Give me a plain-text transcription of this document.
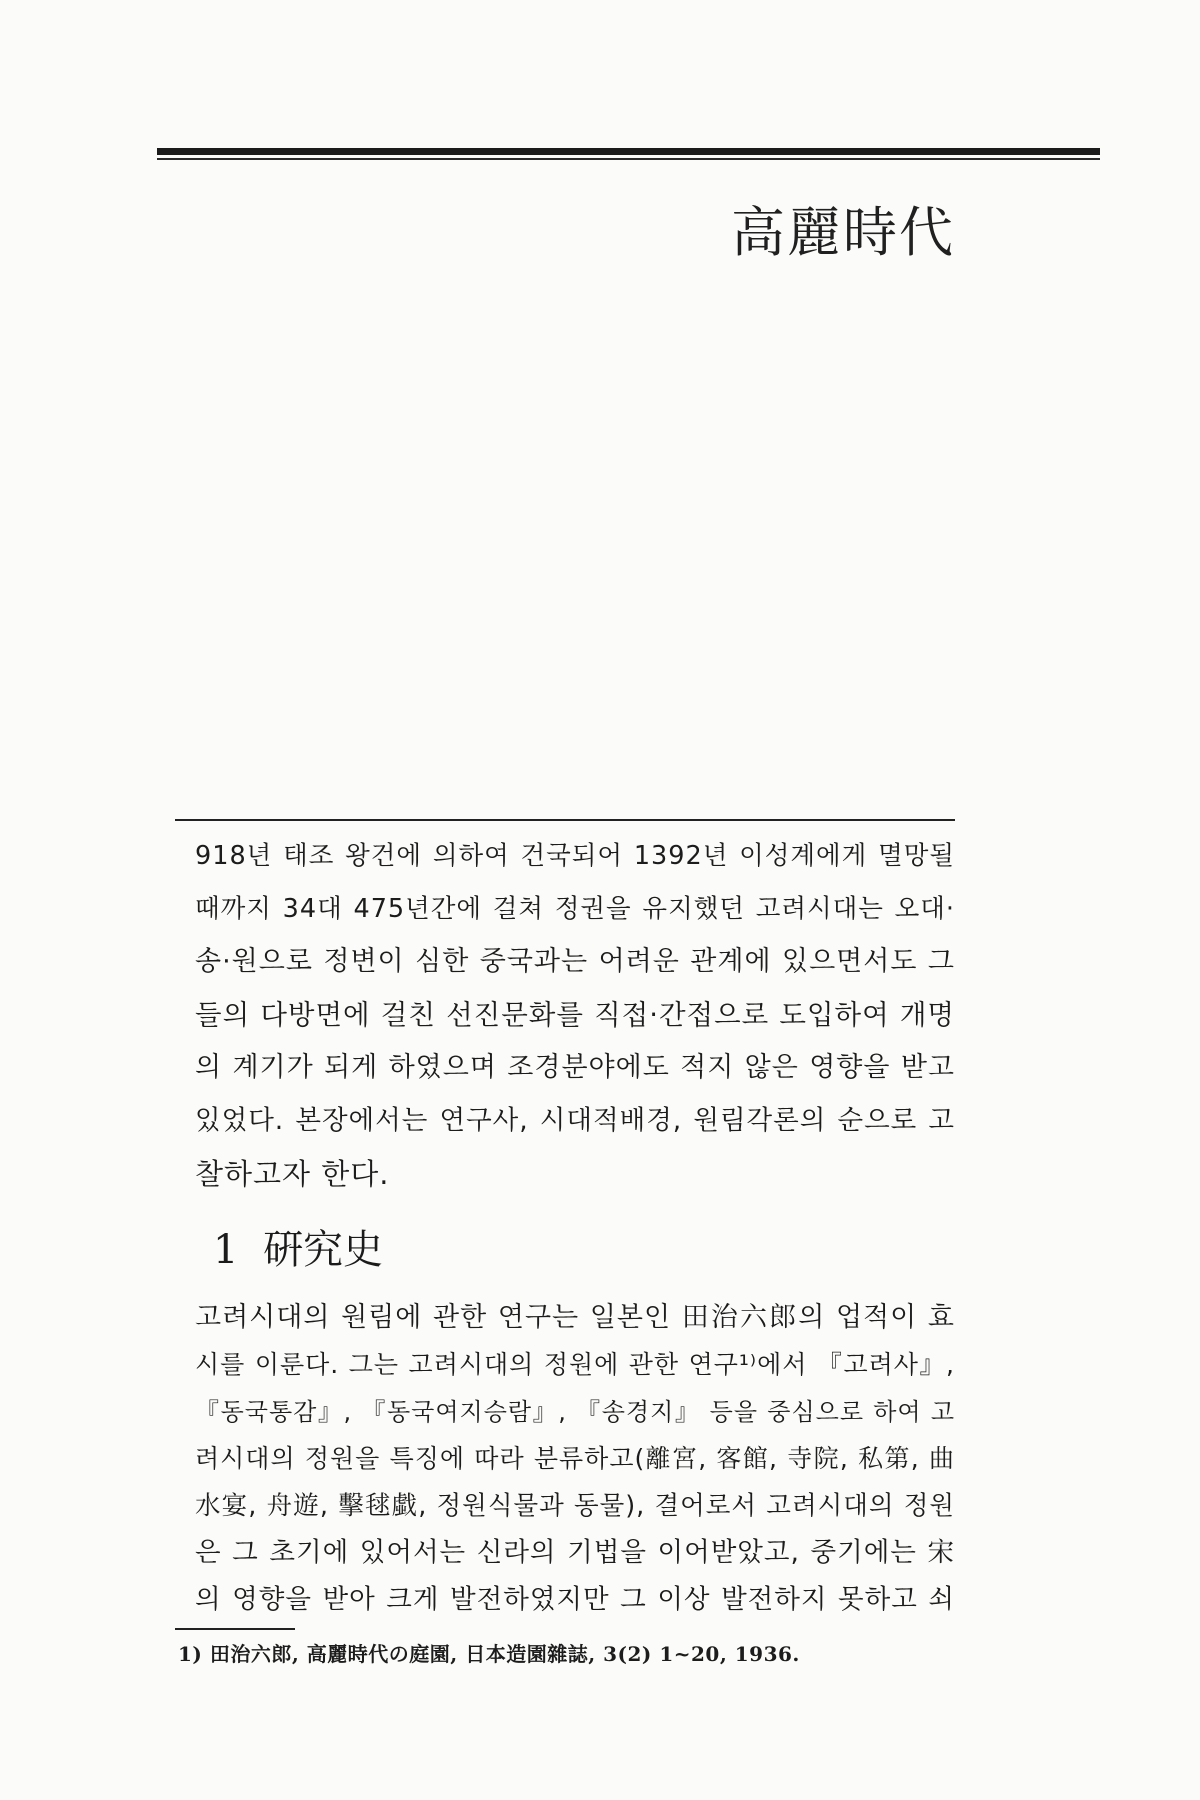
高麗時代
918년 태조 왕건에 의하여 건국되어 1392년 이성계에게 멸망될
때까지 34대 475년간에 걸쳐 정권을 유지했던 고려시대는 오대·
송·원으로 정변이 심한 중국과는 어려운 관계에 있으면서도 그
들의 다방면에 걸친 선진문화를 직접·간접으로 도입하여 개명
의 계기가 되게 하였으며 조경분야에도 적지 않은 영향을 받고
있었다. 본장에서는 연구사, 시대적배경, 원림각론의 순으로 고
찰하고자 한다.
1 硏究史
고려시대의 원림에 관한 연구는 일본인 田治六郎의 업적이 효
시를 이룬다. 그는 고려시대의 정원에 관한 연구¹⁾에서 『고려사』,
『동국통감』, 『동국여지승람』, 『송경지』 등을 중심으로 하여 고
려시대의 정원을 특징에 따라 분류하고(離宮, 客館, 寺院, 私第, 曲
水宴, 舟遊, 擊毬戱, 정원식물과 동물), 결어로서 고려시대의 정원
은 그 초기에 있어서는 신라의 기법을 이어받았고, 중기에는 宋
의 영향을 받아 크게 발전하였지만 그 이상 발전하지 못하고 쇠
1) 田治六郎, 高麗時代の庭園, 日本造園雜誌, 3(2) 1~20, 1936.
